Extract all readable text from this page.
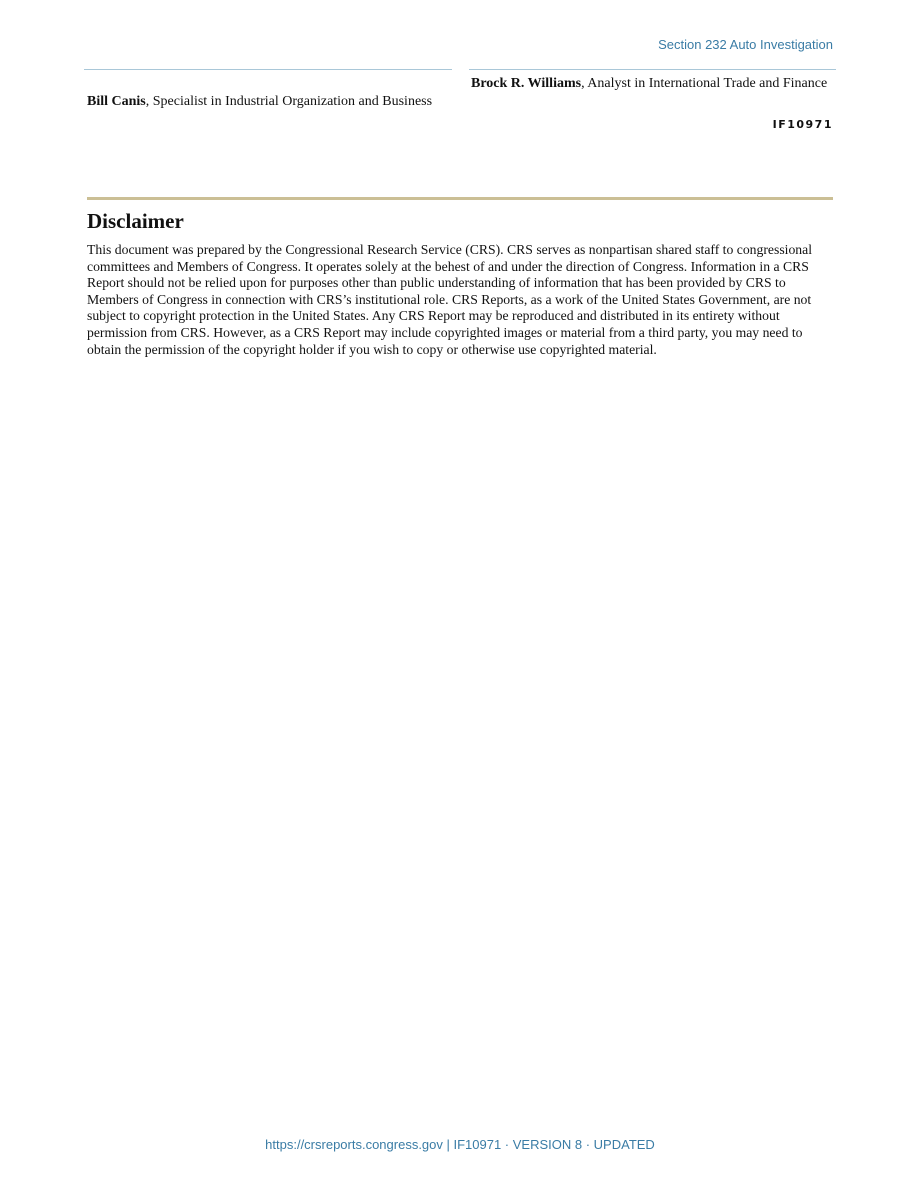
Section 232 Auto Investigation
Bill Canis, Specialist in Industrial Organization and Business
Brock R. Williams, Analyst in International Trade and Finance
IF10971
Disclaimer

This document was prepared by the Congressional Research Service (CRS). CRS serves as nonpartisan shared staff to congressional committees and Members of Congress. It operates solely at the behest of and under the direction of Congress. Information in a CRS Report should not be relied upon for purposes other than public understanding of information that has been provided by CRS to Members of Congress in connection with CRS’s institutional role. CRS Reports, as a work of the United States Government, are not subject to copyright protection in the United States. Any CRS Report may be reproduced and distributed in its entirety without permission from CRS. However, as a CRS Report may include copyrighted images or material from a third party, you may need to obtain the permission of the copyright holder if you wish to copy or otherwise use copyrighted material.

https://crsreports.congress.gov | IF10971 · VERSION 8 · UPDATED
